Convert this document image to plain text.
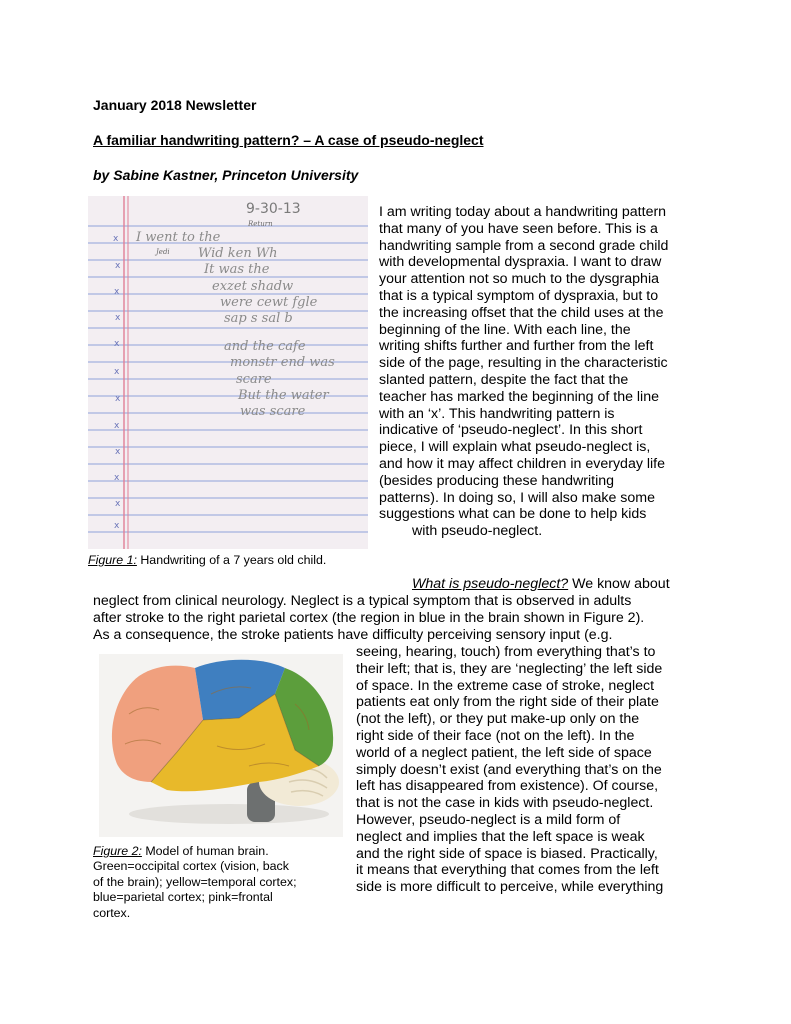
January 2018 Newsletter
A familiar handwriting pattern? – A case of pseudo-neglect
by Sabine Kastner, Princeton University
x
x
x
x
x
x
x
x
x
x
x
x
9-30-13
Return
Jedi
I went to the
Wid ken Wh
It was the
exzet shadw
were cewt fgle
sap s sal b
and the cafe
monstr end was
scare
But the water
was scare
Figure 1: Handwriting of a 7 years old child.
I am writing today about a handwriting pattern
that many of you have seen before. This is a
handwriting sample from a second grade child
with developmental dyspraxia. I want to draw
your attention not so much to the dysgraphia
that is a typical symptom of dyspraxia, but to
the increasing offset that the child uses at the
beginning of the line. With each line, the
writing shifts further and further from the left
side of the page, resulting in the characteristic
slanted pattern, despite the fact that the
teacher has marked the beginning of the line
with an ‘x’. This handwriting pattern is
indicative of ‘pseudo-neglect’. In this short
piece, I will explain what pseudo-neglect is,
and how it may affect children in everyday life
(besides producing these handwriting
patterns). In doing so, I will also make some
suggestions what can be done to help kids
with pseudo-neglect.
What is pseudo-neglect? We know about
neglect from clinical neurology. Neglect is a typical symptom that is observed in adults
after stroke to the right parietal cortex (the region in blue in the brain shown in Figure 2).
As a consequence, the stroke patients have difficulty perceiving sensory input (e.g.
seeing, hearing, touch) from everything that’s to
their left; that is, they are ‘neglecting’ the left side
of space. In the extreme case of stroke, neglect
patients eat only from the right side of their plate
(not the left), or they put make-up only on the
right side of their face (not on the left). In the
world of a neglect patient, the left side of space
simply doesn’t exist (and everything that’s on the
left has disappeared from existence). Of course,
that is not the case in kids with pseudo-neglect.
However, pseudo-neglect is a mild form of
neglect and implies that the left space is weak
and the right side of space is biased. Practically,
it means that everything that comes from the left
side is more difficult to perceive, while everything
Figure 2: Model of human brain.
Green=occipital cortex (vision, back
of the brain); yellow=temporal cortex;
blue=parietal cortex; pink=frontal
cortex.
